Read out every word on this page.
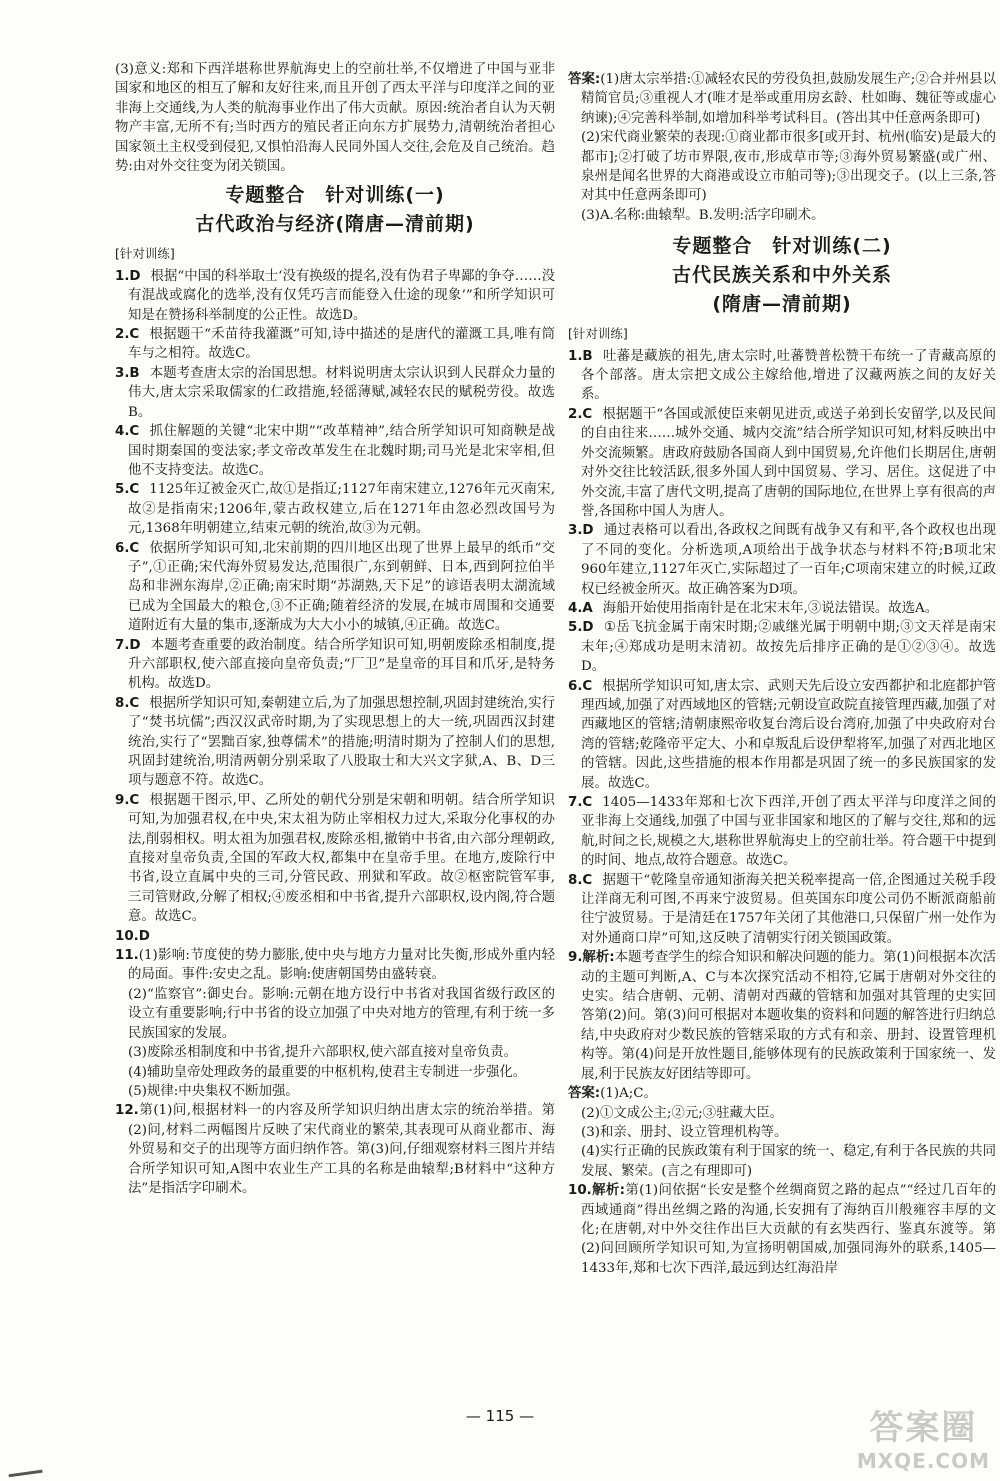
(3)意义:郑和下西洋堪称世界航海史上的空前壮举,不仅增进了中国与亚非国家和地区的相互了解和友好往来,而且开创了西太平洋与印度洋之间的亚非海上交通线,为人类的航海事业作出了伟大贡献。原因:统治者自认为天朝物产丰富,无所不有;当时西方的殖民者正向东方扩展势力,清朝统治者担心国家领土主权受到侵犯,又惧怕沿海人民同外国人交往,会危及自己统治。趋势:由对外交往变为闭关锁国。

专题整合　针对训练(一)
古代政治与经济(隋唐—清前期)
[针对训练]
1.D 根据“中国的科举取士‘没有换级的提名,没有伪君子卑鄙的争夺……没有混战或腐化的选举,没有仅凭巧言而能登入仕途的现象’”和所学知识可知是在赞扬科举制度的公正性。故选D。
2.C 根据题干“禾苗待我灌溉”可知,诗中描述的是唐代的灌溉工具,唯有筒车与之相符。故选C。
3.B 本题考查唐太宗的治国思想。材料说明唐太宗认识到人民群众力量的伟大,唐太宗采取儒家的仁政措施,轻徭薄赋,减轻农民的赋税劳役。故选B。
4.C 抓住解题的关键“北宋中期”“改革精神”,结合所学知识可知商鞅是战国时期秦国的变法家;孝文帝改革发生在北魏时期;司马光是北宋宰相,但他不支持变法。故选C。
5.C 1125年辽被金灭亡,故①是指辽;1127年南宋建立,1276年元灭南宋,故②是指南宋;1206年,蒙古政权建立,后在1271年由忽必烈改国号为元,1368年明朝建立,结束元朝的统治,故③为元朝。
6.C 依据所学知识可知,北宋前期的四川地区出现了世界上最早的纸币“交子”,①正确;宋代海外贸易发达,范围很广,东到朝鲜、日本,西到阿拉伯半岛和非洲东海岸,②正确;南宋时期“苏湖熟,天下足”的谚语表明太湖流域已成为全国最大的粮仓,③不正确;随着经济的发展,在城市周围和交通要道附近有大量的集市,逐渐成为大大小小的城镇,④正确。故选C。
7.D 本题考查重要的政治制度。结合所学知识可知,明朝废除丞相制度,提升六部职权,使六部直接向皇帝负责;“厂卫”是皇帝的耳目和爪牙,是特务机构。故选D。
8.C 根据所学知识可知,秦朝建立后,为了加强思想控制,巩固封建统治,实行了“焚书坑儒”;西汉汉武帝时期,为了实现思想上的大一统,巩固西汉封建统治,实行了“罢黜百家,独尊儒术”的措施;明清时期为了控制人们的思想,巩固封建统治,明清两朝分别采取了八股取士和大兴文字狱,A、B、D三项与题意不符。故选C。
9.C 根据题干图示,甲、乙所处的朝代分别是宋朝和明朝。结合所学知识可知,为加强君权,在中央,宋太祖为防止宰相权力过大,采取分化事权的办法,削弱相权。明太祖为加强君权,废除丞相,撤销中书省,由六部分理朝政,直接对皇帝负责,全国的军政大权,都集中在皇帝手里。在地方,废除行中书省,设立直属中央的三司,分管民政、刑狱和军政。故②枢密院管军事,三司管财政,分解了相权;④废丞相和中书省,提升六部职权,设内阁,符合题意。故选C。
10.D
11.(1)影响:节度使的势力膨胀,使中央与地方力量对比失衡,形成外重内轻的局面。事件:安史之乱。影响:使唐朝国势由盛转衰。
(2)“监察官”:御史台。影响:元朝在地方设行中书省对我国省级行政区的设立有重要影响;行中书省的设立加强了中央对地方的管理,有利于统一多民族国家的发展。
(3)废除丞相制度和中书省,提升六部职权,使六部直接对皇帝负责。
(4)辅助皇帝处理政务的最重要的中枢机构,使君主专制进一步强化。
(5)规律:中央集权不断加强。
12.第(1)问,根据材料一的内容及所学知识归纳出唐太宗的统治举措。第(2)问,材料二两幅图片反映了宋代商业的繁荣,其表现可从商业都市、海外贸易和交子的出现等方面归纳作答。第(3)问,仔细观察材料三图片并结合所学知识可知,A图中农业生产工具的名称是曲辕犁;B材料中“这种方法”是指活字印刷术。
答案:(1)唐太宗举措:①减轻农民的劳役负担,鼓励发展生产;②合并州县以精简官员;③重视人才(唯才是举或重用房玄龄、杜如晦、魏征等或虚心纳谏);④完善科举制,如增加科举考试科目。(答出其中任意两条即可)
(2)宋代商业繁荣的表现:①商业都市很多[或开封、杭州(临安)是最大的都市];②打破了坊市界限,夜市,形成草市等;③海外贸易繁盛(或广州、泉州是闻名世界的大商港或设立市舶司等);③出现交子。(以上三条,答对其中任意两条即可)
(3)A.名称:曲辕犁。B.发明:活字印刷术。
专题整合　针对训练(二)
古代民族关系和中外关系
(隋唐—清前期)
[针对训练]
1.B 吐蕃是藏族的祖先,唐太宗时,吐蕃赞普松赞干布统一了青藏高原的各个部落。唐太宗把文成公主嫁给他,增进了汉藏两族之间的友好关系。
2.C 根据题干“各国或派使臣来朝见进贡,或送子弟到长安留学,以及民间的自由往来……城外交通、城内交流”结合所学知识可知,材料反映出中外交流频繁。唐政府鼓励各国商人到中国贸易,允许他们长期居住,唐朝对外交往比较活跃,很多外国人到中国贸易、学习、居住。这促进了中外交流,丰富了唐代文明,提高了唐朝的国际地位,在世界上享有很高的声誉,各国称中国人为唐人。
3.D 通过表格可以看出,各政权之间既有战争又有和平,各个政权也出现了不同的变化。分析选项,A项给出于战争状态与材料不符;B项北宋960年建立,1127年灭亡,实际超过了一百年;C项南宋建立的时候,辽政权已经被金所灭。故正确答案为D项。
4.A 海船开始使用指南针是在北宋末年,③说法错误。故选A。
5.D ①岳飞抗金属于南宋时期;②戚继光属于明朝中期;③文天祥是南宋末年;④郑成功是明末清初。故按先后排序正确的是①②③④。故选D。
6.C 根据所学知识可知,唐太宗、武则天先后设立安西都护和北庭都护管理西域,加强了对西域地区的管辖;元朝设宣政院直接管理西藏,加强了对西藏地区的管辖;清朝康熙帝收复台湾后设台湾府,加强了中央政府对台湾的管辖;乾隆帝平定大、小和卓叛乱后设伊犁将军,加强了对西北地区的管辖。因此,这些措施的根本作用都是巩固了统一的多民族国家的发展。故选C。
7.C 1405—1433年郑和七次下西洋,开创了西太平洋与印度洋之间的亚非海上交通线,加强了中国与亚非国家和地区的了解与交往,郑和的远航,时间之长,规模之大,堪称世界航海史上的空前壮举。符合题干中提到的时间、地点,故符合题意。故选C。
8.C 据题干“乾隆皇帝通知浙海关把关税率提高一倍,企图通过关税手段让洋商无利可图,不再来宁波贸易。但英国东印度公司仍不断派商船前往宁波贸易。于是清廷在1757年关闭了其他港口,只保留广州一处作为对外通商口岸”可知,这反映了清朝实行闭关锁国政策。
9.解析:本题考查学生的综合知识和解决问题的能力。第(1)问根据本次活动的主题可判断,A、C与本次探究活动不相符,它属于唐朝对外交往的史实。结合唐朝、元朝、清朝对西藏的管辖和加强对其管理的史实回答第(2)问。第(3)问可根据对本题收集的资料和问题的解答进行归纳总结,中央政府对少数民族的管辖采取的方式有和亲、册封、设置管理机构等。第(4)问是开放性题目,能够体现有的民族政策利于国家统一、发展,利于民族友好团结等即可。
答案:(1)A;C。
(2)①文成公主;②元;③驻藏大臣。
(3)和亲、册封、设立管理机构等。
(4)实行正确的民族政策有利于国家的统一、稳定,有利于各民族的共同发展、繁荣。(言之有理即可)
10.解析:第(1)问依据“长安是整个丝绸商贸之路的起点”“经过几百年的西域通商”得出丝绸之路的沟通,长安拥有了海纳百川般雍容丰厚的文化;在唐朝,对中外交往作出巨大贡献的有玄奘西行、鉴真东渡等。第(2)问回顾所学知识可知,为宣扬明朝国威,加强同海外的联系,1405—1433年,郑和七次下西洋,最远到达红海沿岸
— 115 —	答案圈
MXQE.COM
